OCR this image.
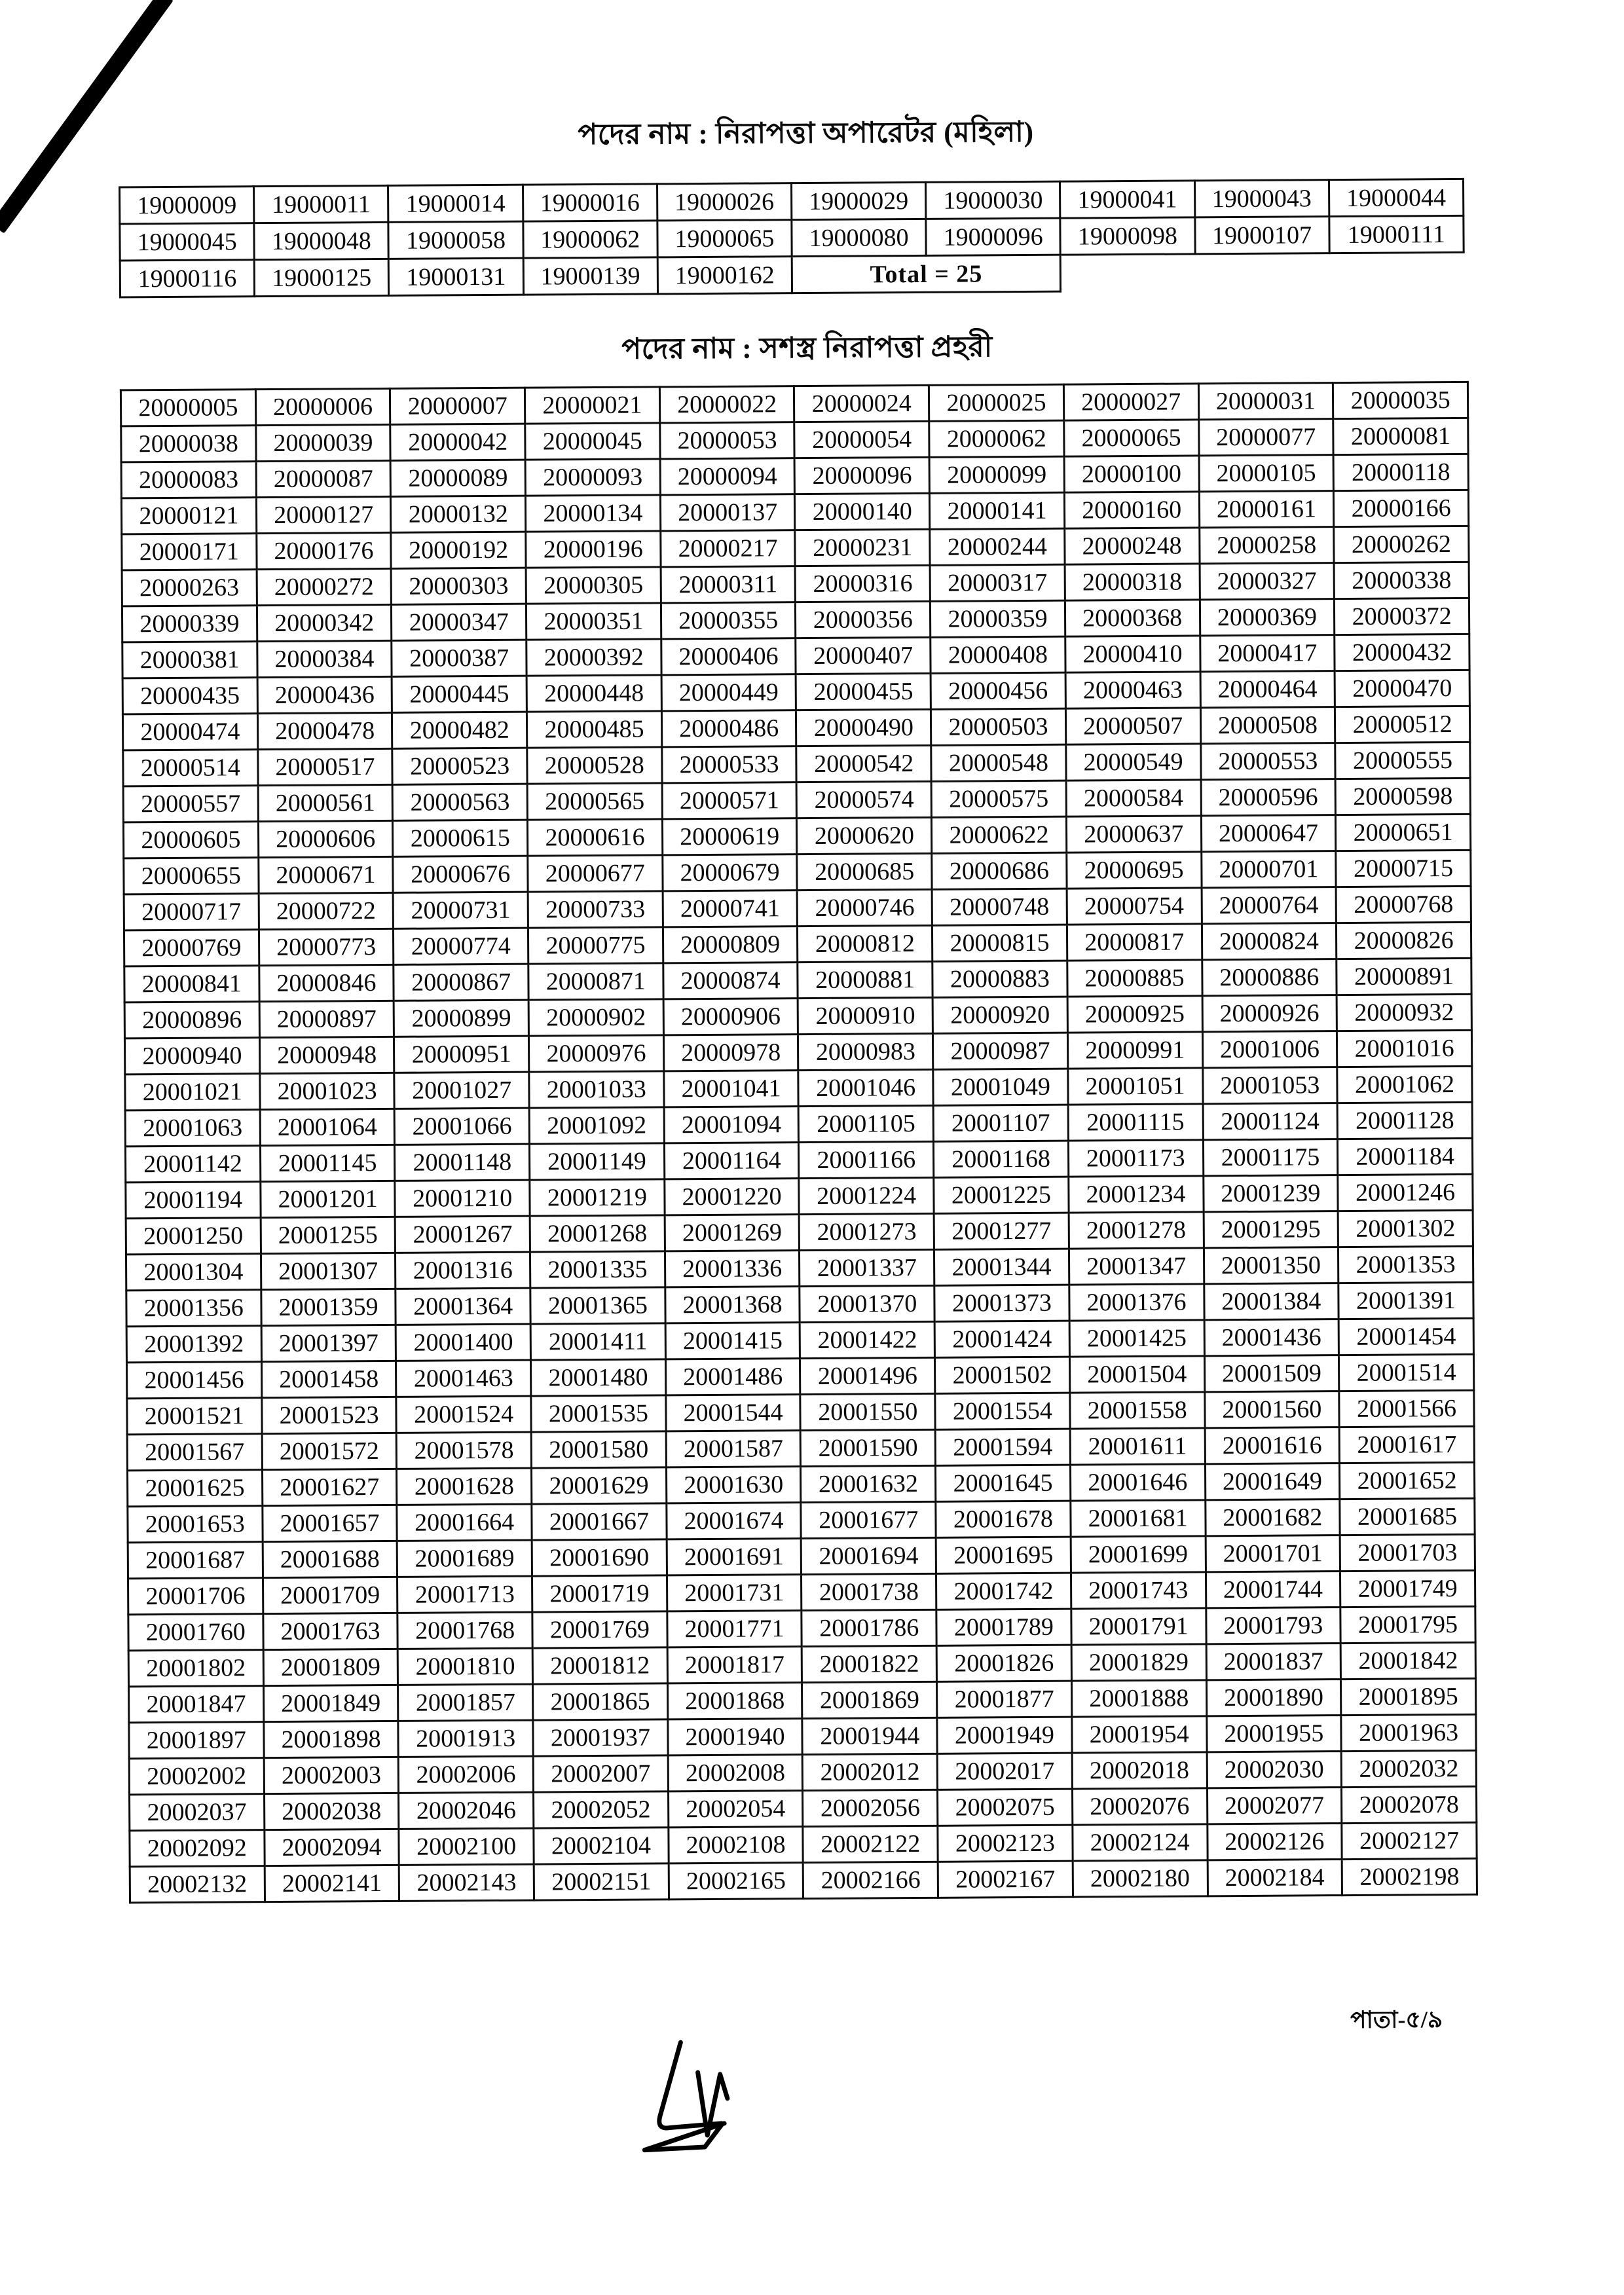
পদের নাম : নিরাপত্তা অপারেটর (মহিলা)
19000009	19000011	19000014	19000016	19000026	19000029	19000030	19000041	19000043	19000044
19000045	19000048	19000058	19000062	19000065	19000080	19000096	19000098	19000107	19000111
19000116	19000125	19000131	19000139	19000162	Total = 25				
পদের নাম : সশস্ত্র নিরাপত্তা প্রহরী
20000005	20000006	20000007	20000021	20000022	20000024	20000025	20000027	20000031	20000035
20000038	20000039	20000042	20000045	20000053	20000054	20000062	20000065	20000077	20000081
20000083	20000087	20000089	20000093	20000094	20000096	20000099	20000100	20000105	20000118
20000121	20000127	20000132	20000134	20000137	20000140	20000141	20000160	20000161	20000166
20000171	20000176	20000192	20000196	20000217	20000231	20000244	20000248	20000258	20000262
20000263	20000272	20000303	20000305	20000311	20000316	20000317	20000318	20000327	20000338
20000339	20000342	20000347	20000351	20000355	20000356	20000359	20000368	20000369	20000372
20000381	20000384	20000387	20000392	20000406	20000407	20000408	20000410	20000417	20000432
20000435	20000436	20000445	20000448	20000449	20000455	20000456	20000463	20000464	20000470
20000474	20000478	20000482	20000485	20000486	20000490	20000503	20000507	20000508	20000512
20000514	20000517	20000523	20000528	20000533	20000542	20000548	20000549	20000553	20000555
20000557	20000561	20000563	20000565	20000571	20000574	20000575	20000584	20000596	20000598
20000605	20000606	20000615	20000616	20000619	20000620	20000622	20000637	20000647	20000651
20000655	20000671	20000676	20000677	20000679	20000685	20000686	20000695	20000701	20000715
20000717	20000722	20000731	20000733	20000741	20000746	20000748	20000754	20000764	20000768
20000769	20000773	20000774	20000775	20000809	20000812	20000815	20000817	20000824	20000826
20000841	20000846	20000867	20000871	20000874	20000881	20000883	20000885	20000886	20000891
20000896	20000897	20000899	20000902	20000906	20000910	20000920	20000925	20000926	20000932
20000940	20000948	20000951	20000976	20000978	20000983	20000987	20000991	20001006	20001016
20001021	20001023	20001027	20001033	20001041	20001046	20001049	20001051	20001053	20001062
20001063	20001064	20001066	20001092	20001094	20001105	20001107	20001115	20001124	20001128
20001142	20001145	20001148	20001149	20001164	20001166	20001168	20001173	20001175	20001184
20001194	20001201	20001210	20001219	20001220	20001224	20001225	20001234	20001239	20001246
20001250	20001255	20001267	20001268	20001269	20001273	20001277	20001278	20001295	20001302
20001304	20001307	20001316	20001335	20001336	20001337	20001344	20001347	20001350	20001353
20001356	20001359	20001364	20001365	20001368	20001370	20001373	20001376	20001384	20001391
20001392	20001397	20001400	20001411	20001415	20001422	20001424	20001425	20001436	20001454
20001456	20001458	20001463	20001480	20001486	20001496	20001502	20001504	20001509	20001514
20001521	20001523	20001524	20001535	20001544	20001550	20001554	20001558	20001560	20001566
20001567	20001572	20001578	20001580	20001587	20001590	20001594	20001611	20001616	20001617
20001625	20001627	20001628	20001629	20001630	20001632	20001645	20001646	20001649	20001652
20001653	20001657	20001664	20001667	20001674	20001677	20001678	20001681	20001682	20001685
20001687	20001688	20001689	20001690	20001691	20001694	20001695	20001699	20001701	20001703
20001706	20001709	20001713	20001719	20001731	20001738	20001742	20001743	20001744	20001749
20001760	20001763	20001768	20001769	20001771	20001786	20001789	20001791	20001793	20001795
20001802	20001809	20001810	20001812	20001817	20001822	20001826	20001829	20001837	20001842
20001847	20001849	20001857	20001865	20001868	20001869	20001877	20001888	20001890	20001895
20001897	20001898	20001913	20001937	20001940	20001944	20001949	20001954	20001955	20001963
20002002	20002003	20002006	20002007	20002008	20002012	20002017	20002018	20002030	20002032
20002037	20002038	20002046	20002052	20002054	20002056	20002075	20002076	20002077	20002078
20002092	20002094	20002100	20002104	20002108	20002122	20002123	20002124	20002126	20002127
20002132	20002141	20002143	20002151	20002165	20002166	20002167	20002180	20002184	20002198
পাতা-৫/৯
